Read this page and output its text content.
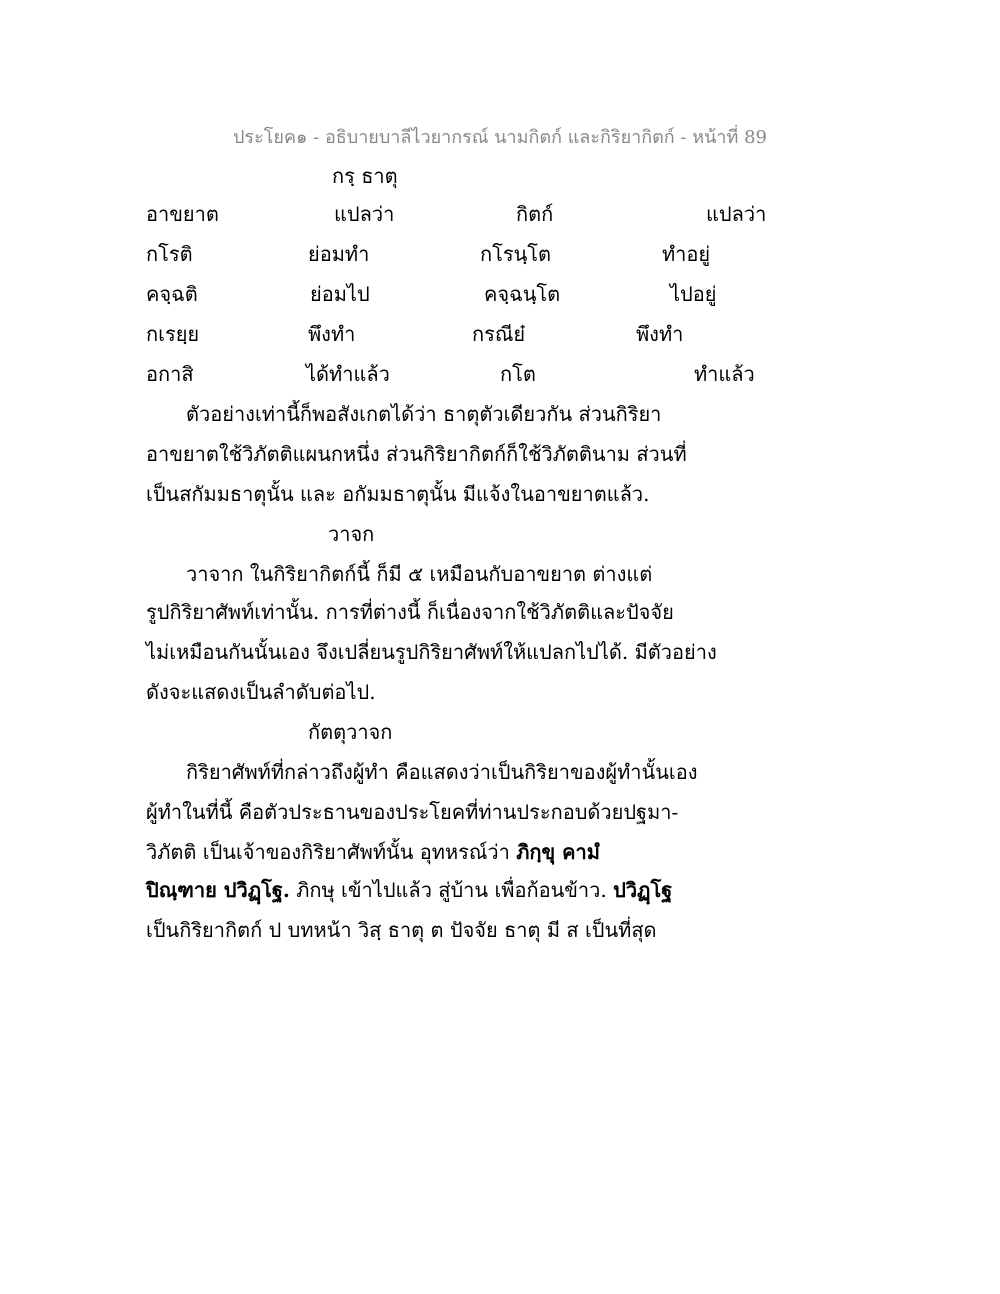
ประโยค๑ - อธิบายบาลีไวยากรณ์ นามกิตก์ และกิริยากิตก์ - หน้าที่ 89
กรฺ ธาตุ
อาขยาต	แปลว่า	กิตก์	แปลว่า
กโรติ	ย่อมทำ	กโรนฺโต	ทำอยู่
คจฺฉติ	ย่อมไป	คจฺฉนฺโต	ไปอยู่
กเรยฺย	พึงทำ	กรณีย๋	พึงทำ
อกาสิ	ได้ทำแล้ว	กโต	ทำแล้ว
ตัวอย่างเท่านี้ก็พอสังเกตได้ว่า ธาตุตัวเดียวกัน ส่วนกิริยา
อาขยาตใช้วิภัตติแผนกหนึ่ง ส่วนกิริยากิตก์ก็ใช้วิภัตตินาม ส่วนที่
เป็นสกัมมธาตุนั้น และ อกัมมธาตุนั้น มีแจ้งในอาขยาตแล้ว.
วาจก
วาจาก ในกิริยากิตก์นี้ ก็มี ๕ เหมือนกับอาขยาต ต่างแต่
รูปกิริยาศัพท์เท่านั้น. การที่ต่างนี้ ก็เนื่องจากใช้วิภัตติและปัจจัย
ไม่เหมือนกันนั้นเอง จึงเปลี่ยนรูปกิริยาศัพท์ให้แปลกไปได้. มีตัวอย่าง
ดังจะแสดงเป็นลำดับต่อไป.
กัตตุวาจก
กิริยาศัพท์ที่กล่าวถึงผู้ทำ คือแสดงว่าเป็นกิริยาของผู้ทำนั้นเอง
ผู้ทำในที่นี้ คือตัวประธานของประโยคที่ท่านประกอบด้วยปฐมา-
วิภัตติ เป็นเจ้าของกิริยาศัพท์นั้น อุทหรณ์ว่า ภิกฺขุ คามํ
ปิณฺฑาย ปวิฏฺโฐ. ภิกษุ เข้าไปแล้ว สู่บ้าน เพื่อก้อนข้าว. ปวิฏฺโฐ
เป็นกิริยากิตก์ ป บทหน้า วิสฺ ธาตุ ต ปัจจัย ธาตุ มี ส เป็นที่สุด
